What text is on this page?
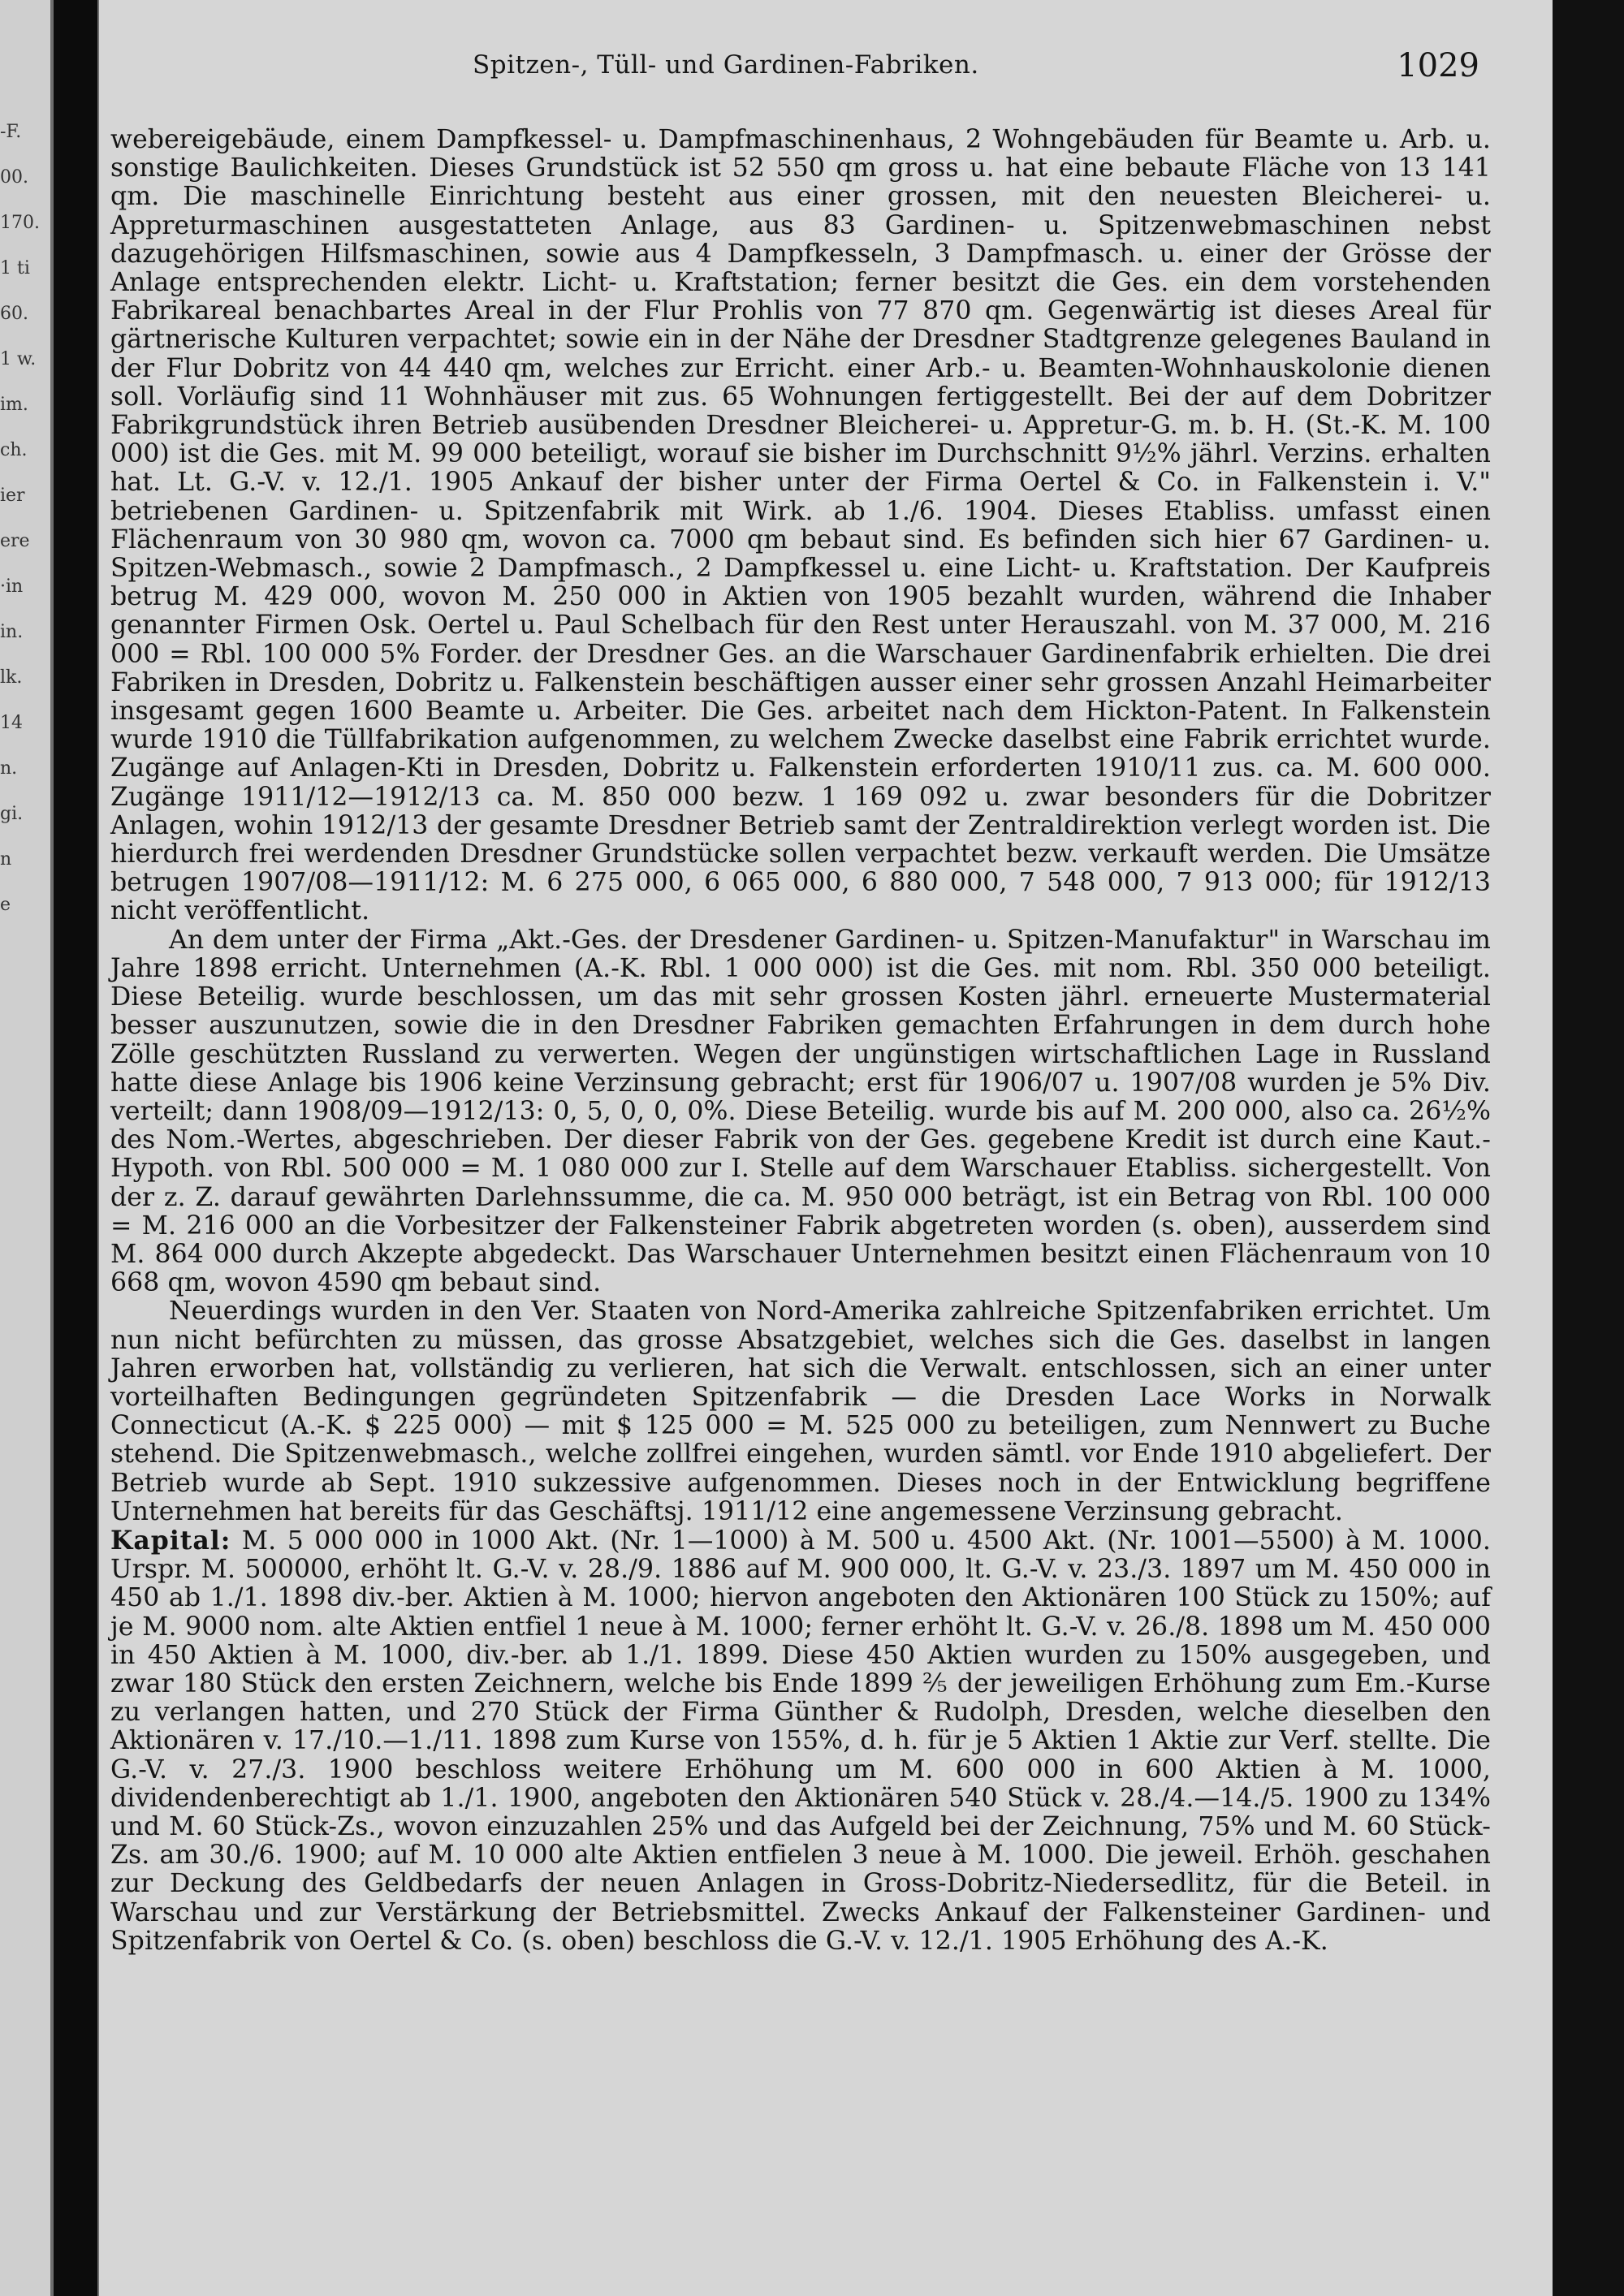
-F.
00.
170.
1 ti
60.
1 w.
im.
ch.
ier
ere
·in
in.
lk.
14
n.
gi.
n
e
Spitzen-, Tüll- und Gardinen-Fabriken.	1029

webereigebäude, einem Dampfkessel- u. Dampfmaschinenhaus, 2 Wohngebäuden für Beamte u. Arb. u. sonstige Baulichkeiten. Dieses Grundstück ist 52 550 qm gross u. hat eine bebaute Fläche von 13 141 qm. Die maschinelle Einrichtung besteht aus einer grossen, mit den neuesten Bleicherei- u. Appreturmaschinen ausgestatteten Anlage, aus 83 Gardinen- u. Spitzenwebmaschinen nebst dazugehörigen Hilfsmaschinen, sowie aus 4 Dampfkesseln, 3 Dampfmasch. u. einer der Grösse der Anlage entsprechenden elektr. Licht- u. Kraftstation; ferner besitzt die Ges. ein dem vorstehenden Fabrikareal benachbartes Areal in der Flur Prohlis von 77 870 qm. Gegenwärtig ist dieses Areal für gärtnerische Kulturen verpachtet; sowie ein in der Nähe der Dresdner Stadtgrenze gelegenes Bauland in der Flur Dobritz von 44 440 qm, welches zur Erricht. einer Arb.- u. Beamten-Wohnhauskolonie dienen soll. Vorläufig sind 11 Wohnhäuser mit zus. 65 Wohnungen fertiggestellt. Bei der auf dem Dobritzer Fabrikgrundstück ihren Betrieb ausübenden Dresdner Bleicherei- u. Appretur-G. m. b. H. (St.-K. M. 100 000) ist die Ges. mit M. 99 000 beteiligt, worauf sie bisher im Durchschnitt 9½% jährl. Verzins. erhalten hat. Lt. G.-V. v. 12./1. 1905 Ankauf der bisher unter der Firma Oertel & Co. in Falkenstein i. V." betriebenen Gardinen- u. Spitzenfabrik mit Wirk. ab 1./6. 1904. Dieses Etabliss. umfasst einen Flächenraum von 30 980 qm, wovon ca. 7000 qm bebaut sind. Es befinden sich hier 67 Gardinen- u. Spitzen-Webmasch., sowie 2 Dampfmasch., 2 Dampfkessel u. eine Licht- u. Kraftstation. Der Kaufpreis betrug M. 429 000, wovon M. 250 000 in Aktien von 1905 bezahlt wurden, während die Inhaber genannter Firmen Osk. Oertel u. Paul Schelbach für den Rest unter Herauszahl. von M. 37 000, M. 216 000 = Rbl. 100 000 5% Forder. der Dresdner Ges. an die Warschauer Gardinenfabrik erhielten. Die drei Fabriken in Dresden, Dobritz u. Falkenstein beschäftigen ausser einer sehr grossen Anzahl Heimarbeiter insgesamt gegen 1600 Beamte u. Arbeiter. Die Ges. arbeitet nach dem Hickton-Patent. In Falkenstein wurde 1910 die Tüllfabrikation aufgenommen, zu welchem Zwecke daselbst eine Fabrik errichtet wurde. Zugänge auf Anlagen-Kti in Dresden, Dobritz u. Falkenstein erforderten 1910/11 zus. ca. M. 600 000. Zugänge 1911/12—1912/13 ca. M. 850 000 bezw. 1 169 092 u. zwar besonders für die Dobritzer Anlagen, wohin 1912/13 der gesamte Dresdner Betrieb samt der Zentraldirektion verlegt worden ist. Die hierdurch frei werdenden Dresdner Grundstücke sollen verpachtet bezw. verkauft werden. Die Umsätze betrugen 1907/08—1911/12: M. 6 275 000, 6 065 000, 6 880 000, 7 548 000, 7 913 000; für 1912/13 nicht veröffentlicht.

An dem unter der Firma „Akt.-Ges. der Dresdener Gardinen- u. Spitzen-Manufaktur" in Warschau im Jahre 1898 erricht. Unternehmen (A.-K. Rbl. 1 000 000) ist die Ges. mit nom. Rbl. 350 000 beteiligt. Diese Beteilig. wurde beschlossen, um das mit sehr grossen Kosten jährl. erneuerte Mustermaterial besser auszunutzen, sowie die in den Dresdner Fabriken gemachten Erfahrungen in dem durch hohe Zölle geschützten Russland zu verwerten. Wegen der ungünstigen wirtschaftlichen Lage in Russland hatte diese Anlage bis 1906 keine Verzinsung gebracht; erst für 1906/07 u. 1907/08 wurden je 5% Div. verteilt; dann 1908/09—1912/13: 0, 5, 0, 0, 0%. Diese Beteilig. wurde bis auf M. 200 000, also ca. 26½% des Nom.-Wertes, abgeschrieben. Der dieser Fabrik von der Ges. gegebene Kredit ist durch eine Kaut.-Hypoth. von Rbl. 500 000 = M. 1 080 000 zur I. Stelle auf dem Warschauer Etabliss. sichergestellt. Von der z. Z. darauf gewährten Darlehnssumme, die ca. M. 950 000 beträgt, ist ein Betrag von Rbl. 100 000 = M. 216 000 an die Vorbesitzer der Falkensteiner Fabrik abgetreten worden (s. oben), ausserdem sind M. 864 000 durch Akzepte abgedeckt. Das Warschauer Unternehmen besitzt einen Flächenraum von 10 668 qm, wovon 4590 qm bebaut sind.

Neuerdings wurden in den Ver. Staaten von Nord-Amerika zahlreiche Spitzenfabriken errichtet. Um nun nicht befürchten zu müssen, das grosse Absatzgebiet, welches sich die Ges. daselbst in langen Jahren erworben hat, vollständig zu verlieren, hat sich die Verwalt. entschlossen, sich an einer unter vorteilhaften Bedingungen gegründeten Spitzenfabrik — die Dresden Lace Works in Norwalk Connecticut (A.-K. $ 225 000) — mit $ 125 000 = M. 525 000 zu beteiligen, zum Nennwert zu Buche stehend. Die Spitzenwebmasch., welche zollfrei eingehen, wurden sämtl. vor Ende 1910 abgeliefert. Der Betrieb wurde ab Sept. 1910 sukzessive aufgenommen. Dieses noch in der Entwicklung begriffene Unternehmen hat bereits für das Geschäftsj. 1911/12 eine angemessene Verzinsung gebracht.

Kapital: M. 5 000 000 in 1000 Akt. (Nr. 1—1000) à M. 500 u. 4500 Akt. (Nr. 1001—5500) à M. 1000. Urspr. M. 500000, erhöht lt. G.-V. v. 28./9. 1886 auf M. 900 000, lt. G.-V. v. 23./3. 1897 um M. 450 000 in 450 ab 1./1. 1898 div.-ber. Aktien à M. 1000; hiervon angeboten den Aktionären 100 Stück zu 150%; auf je M. 9000 nom. alte Aktien entfiel 1 neue à M. 1000; ferner erhöht lt. G.-V. v. 26./8. 1898 um M. 450 000 in 450 Aktien à M. 1000, div.-ber. ab 1./1. 1899. Diese 450 Aktien wurden zu 150% ausgegeben, und zwar 180 Stück den ersten Zeichnern, welche bis Ende 1899 ⅖ der jeweiligen Erhöhung zum Em.-Kurse zu verlangen hatten, und 270 Stück der Firma Günther & Rudolph, Dresden, welche dieselben den Aktionären v. 17./10.—1./11. 1898 zum Kurse von 155%, d. h. für je 5 Aktien 1 Aktie zur Verf. stellte. Die G.-V. v. 27./3. 1900 beschloss weitere Erhöhung um M. 600 000 in 600 Aktien à M. 1000, dividendenberechtigt ab 1./1. 1900, angeboten den Aktionären 540 Stück v. 28./4.—14./5. 1900 zu 134% und M. 60 Stück-Zs., wovon einzuzahlen 25% und das Aufgeld bei der Zeichnung, 75% und M. 60 Stück-Zs. am 30./6. 1900; auf M. 10 000 alte Aktien entfielen 3 neue à M. 1000. Die jeweil. Erhöh. geschahen zur Deckung des Geldbedarfs der neuen Anlagen in Gross-Dobritz-Niedersedlitz, für die Beteil. in Warschau und zur Verstärkung der Betriebsmittel. Zwecks Ankauf der Falkensteiner Gardinen- und Spitzenfabrik von Oertel & Co. (s. oben) beschloss die G.-V. v. 12./1. 1905 Erhöhung des A.-K.
